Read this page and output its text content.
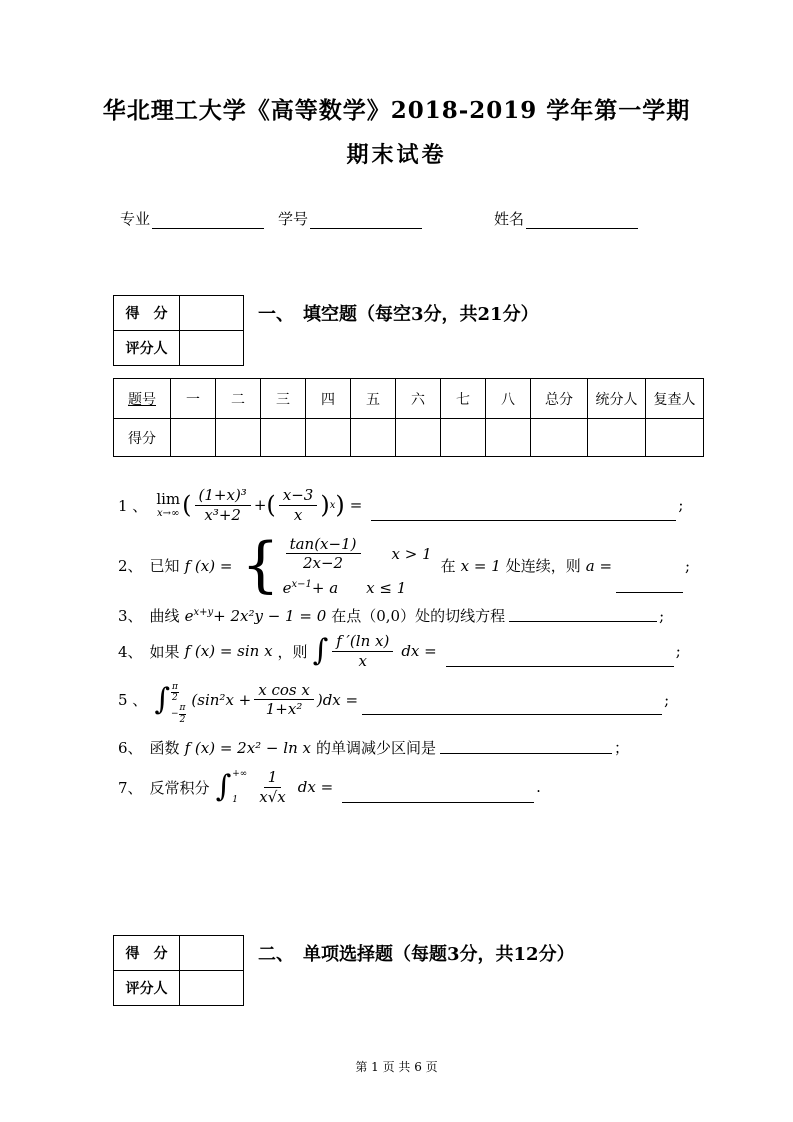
华北理工大学《高等数学》2018-2019 学年第一学期
期末试卷
专业	学号	姓名
得　分	
评分人	
一、　填空题（每空3分，共21分）
题号	一	二	三	四	五	六	七	八	总分	统分人	复查人
得分											
1 、 lim
x→∞ ( $\frac{\text{(1+x)³}}{\text{x³+2}}$ + ( $\frac{x-3}{x}$ ) x ) =	;
2、 已知 f (x) = { $\frac{\tan(x-1)}{2x-2}$ x > 1
$e^{x-1}+ a$ x ≤ 1
在 x = 1 处连续，则 a =	;
3、 曲线 $e^{x+y}+ 2x^2y - 1 = 0$ 在点（0,0）处的切线方程	;
4、 如果 f (x) = sin x ，则 ∫ $\frac{\text{f ′(ln x)}}{x}$ dx =	;
5 、 ∫ $\frac{\pi}{2}$
− $\frac{\pi}{2}$
$(\sin^2x + \frac{\text{x cos x}}{\text{1+x²}} )dx$ =	;
6、 函数 f (x) = 2x² − ln x 的单调减少区间是	；
7、 反常积分 ∫ +∞
1	$\frac{1}{x√x}$ dx =	.
得　分	
评分人	
二、　单项选择题（每题3分，共12分）
第 1 页 共 6 页
